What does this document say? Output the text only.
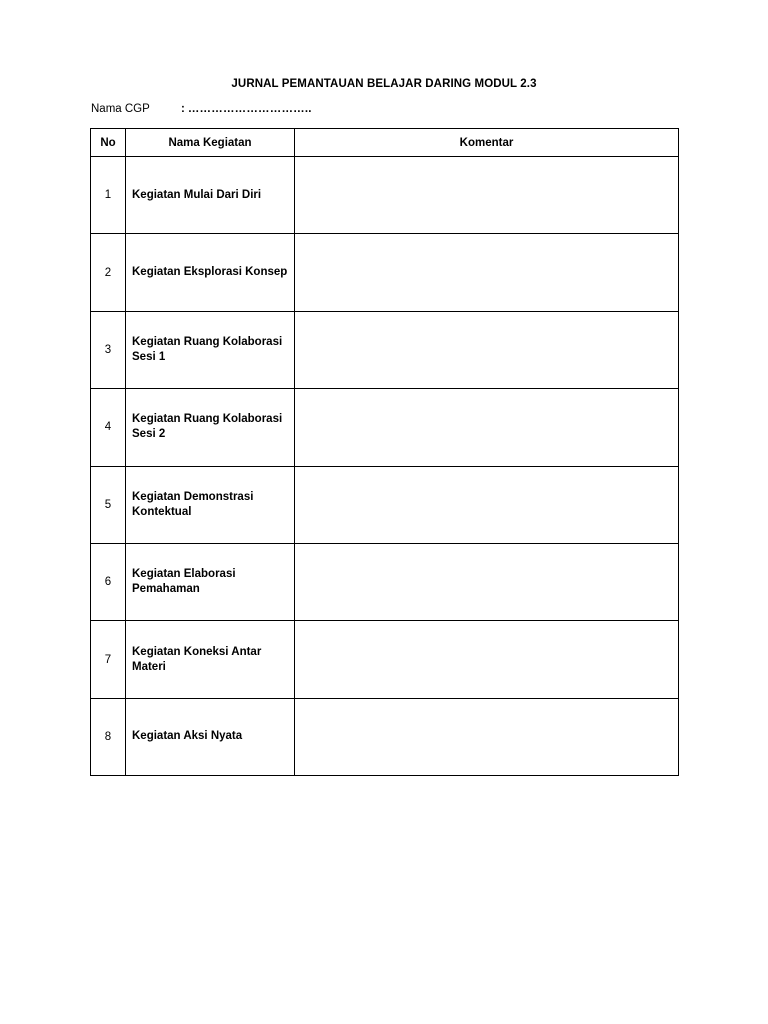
JURNAL PEMANTAUAN BELAJAR DARING MODUL 2.3
Nama CGP	: …………………………..
No	Nama Kegiatan	Komentar
1	Kegiatan Mulai Dari Diri	
2	Kegiatan Eksplorasi Konsep	
3	Kegiatan Ruang Kolaborasi Sesi 1	
4	Kegiatan Ruang Kolaborasi Sesi 2	
5	Kegiatan Demonstrasi Kontektual	
6	Kegiatan Elaborasi Pemahaman	
7	Kegiatan Koneksi Antar Materi	
8	Kegiatan Aksi Nyata	
